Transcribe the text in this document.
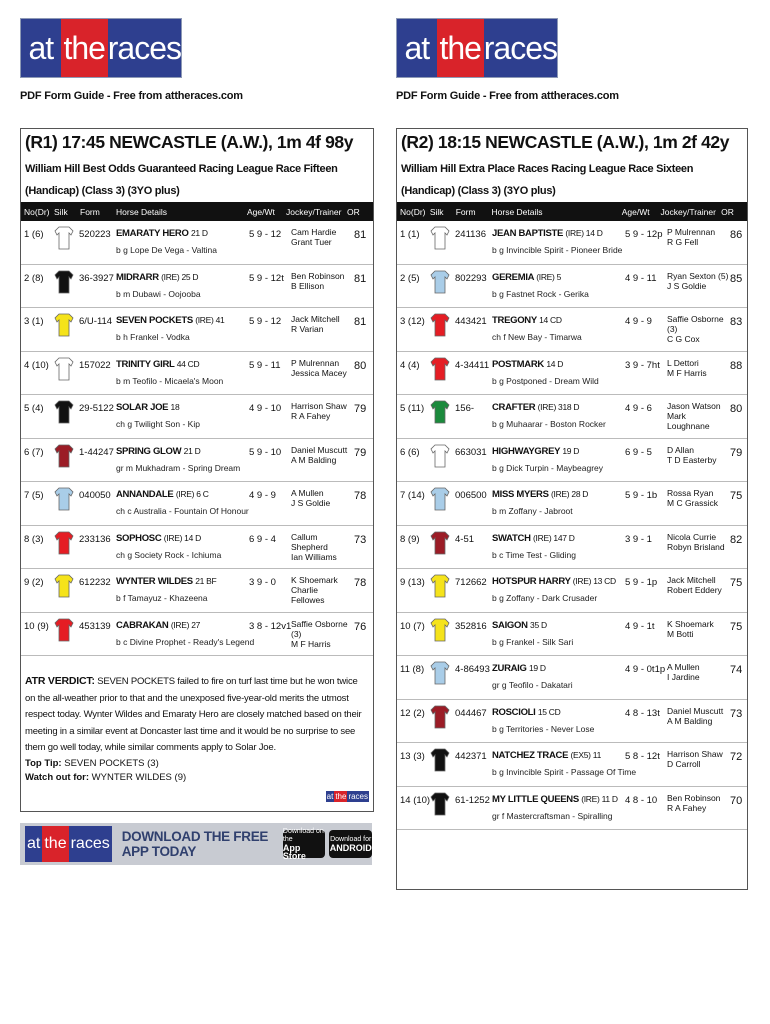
at the races
PDF Form Guide - Free from attheraces.com
(R1) 17:45 NEWCASTLE (A.W.), 1m 4f 98y
William Hill Best Odds Guaranteed Racing League Race Fifteen (Handicap) (Class 3) (3YO plus)
No(Dr) Silk	Form	Horse Details	Age/Wt	Jockey/Trainer OR
1 (6)	520223 EMARATY HERO 21 D
b g Lope De Vega - Valtina
5 9 - 12 Cam Hardie
Grant Tuer
81
2 (8)	36-3927 MIDRARR (IRE) 25 D
b m Dubawi - Oojooba
5 9 - 12t Ben Robinson
B Ellison
81
3 (1)	6/U-114 SEVEN POCKETS (IRE) 41
b h Frankel - Vodka
5 9 - 12 Jack Mitchell
R Varian
81
4 (10)	157022 TRINITY GIRL 44 CD
b m Teofilo - Micaela's Moon
5 9 - 11 P Mulrennan
Jessica Macey
80
5 (4)	29-5122 SOLAR JOE 18
ch g Twilight Son - Kip
4 9 - 10 Harrison Shaw
R A Fahey
79
6 (7)	1-44247 SPRING GLOW 21 D
gr m Mukhadram - Spring Dream
5 9 - 10 Daniel Muscutt
A M Balding
79
7 (5)	040050 ANNANDALE (IRE) 6 C
ch c Australia - Fountain Of Honour
4 9 - 9 A Mullen
J S Goldie
78
8 (3)	233136 SOPHOSC (IRE) 14 D
ch g Society Rock - Ichiuma
6 9 - 4 Callum Shepherd
Ian Williams
73
9 (2)	612232 WYNTER WILDES 21 BF
b f Tamayuz - Khazeena
3 9 - 0 K Shoemark
Charlie Fellowes
78
10 (9)	453139 CABRAKAN (IRE) 27
b c Divine Prophet - Ready's Legend
3 8 - 12v1 Saffie Osborne (3)
M F Harris
76
ATR VERDICT: SEVEN POCKETS failed to fire on turf last time but he won twice on the all-weather prior to that and the unexposed five-year-old merits the utmost respect today. Wynter Wildes and Emaraty Hero are closely matched based on their meeting in a similar event at Doncaster last time and it would be no surprise to see them go well today, while similar comments apply to Solar Joe.
Top Tip: SEVEN POCKETS (3)
Watch out for: WYNTER WILDES (9)
at the races
at the races
PDF Form Guide - Free from attheraces.com
(R2) 18:15 NEWCASTLE (A.W.), 1m 2f 42y
William Hill Extra Place Races Racing League Race Sixteen (Handicap) (Class 3) (3YO plus)
No(Dr) Silk	Form	Horse Details	Age/Wt	Jockey/Trainer OR
1 (1)	241136 JEAN BAPTISTE (IRE) 14 D
b g Invincible Spirit - Pioneer Bride
5 9 - 12p P Mulrennan
R G Fell
86
2 (5)	802293 GEREMIA (IRE) 5
b g Fastnet Rock - Gerika
4 9 - 11 Ryan Sexton (5)
J S Goldie
85
3 (12)	443421 TREGONY 14 CD
ch f New Bay - Timarwa
4 9 - 9 Saffie Osborne (3)
C G Cox
83
4 (4)	4-34411 POSTMARK 14 D
b g Postponed - Dream Wild
3 9 - 7ht L Dettori
M F Harris
88
5 (11)	156- CRAFTER (IRE) 318 D
b g Muhaarar - Boston Rocker
4 9 - 6 Jason Watson
Mark Loughnane
80
6 (6)	663031 HIGHWAYGREY 19 D
b g Dick Turpin - Maybeagrey
6 9 - 5 D Allan
T D Easterby
79
7 (14)	006500 MISS MYERS (IRE) 28 D
b m Zoffany - Jabroot
5 9 - 1b Rossa Ryan
M C Grassick
75
8 (9)	4-51 SWATCH (IRE) 147 D
b c Time Test - Gliding
3 9 - 1 Nicola Currie
Robyn Brisland
82
9 (13)	712662 HOTSPUR HARRY (IRE) 13 CD
b g Zoffany - Dark Crusader
5 9 - 1p Jack Mitchell
Robert Eddery
75
10 (7)	352816 SAIGON 35 D
b g Frankel - Silk Sari
4 9 - 1t K Shoemark
M Botti
75
11 (8)	4-86493 ZURAIG 19 D
gr g Teofilo - Dakatari
4 9 - 0t1p A Mullen
I Jardine
74
12 (2)	044467 ROSCIOLI 15 CD
b g Territories - Never Lose
4 8 - 13t Daniel Muscutt
A M Balding
73
13 (3)	442371 NATCHEZ TRACE (EX5) 11
b g Invincible Spirit - Passage Of Time
5 8 - 12t Harrison Shaw
D Carroll
72
14 (10)	61-1252 MY LITTLE QUEENS (IRE) 11 D
gr f Mastercraftsman - Spiralling
4 8 - 10 Ben Robinson
R A Fahey
70
at the races DOWNLOAD THE FREE APP TODAY
Download on the
App Store
Download for
ANDROID
